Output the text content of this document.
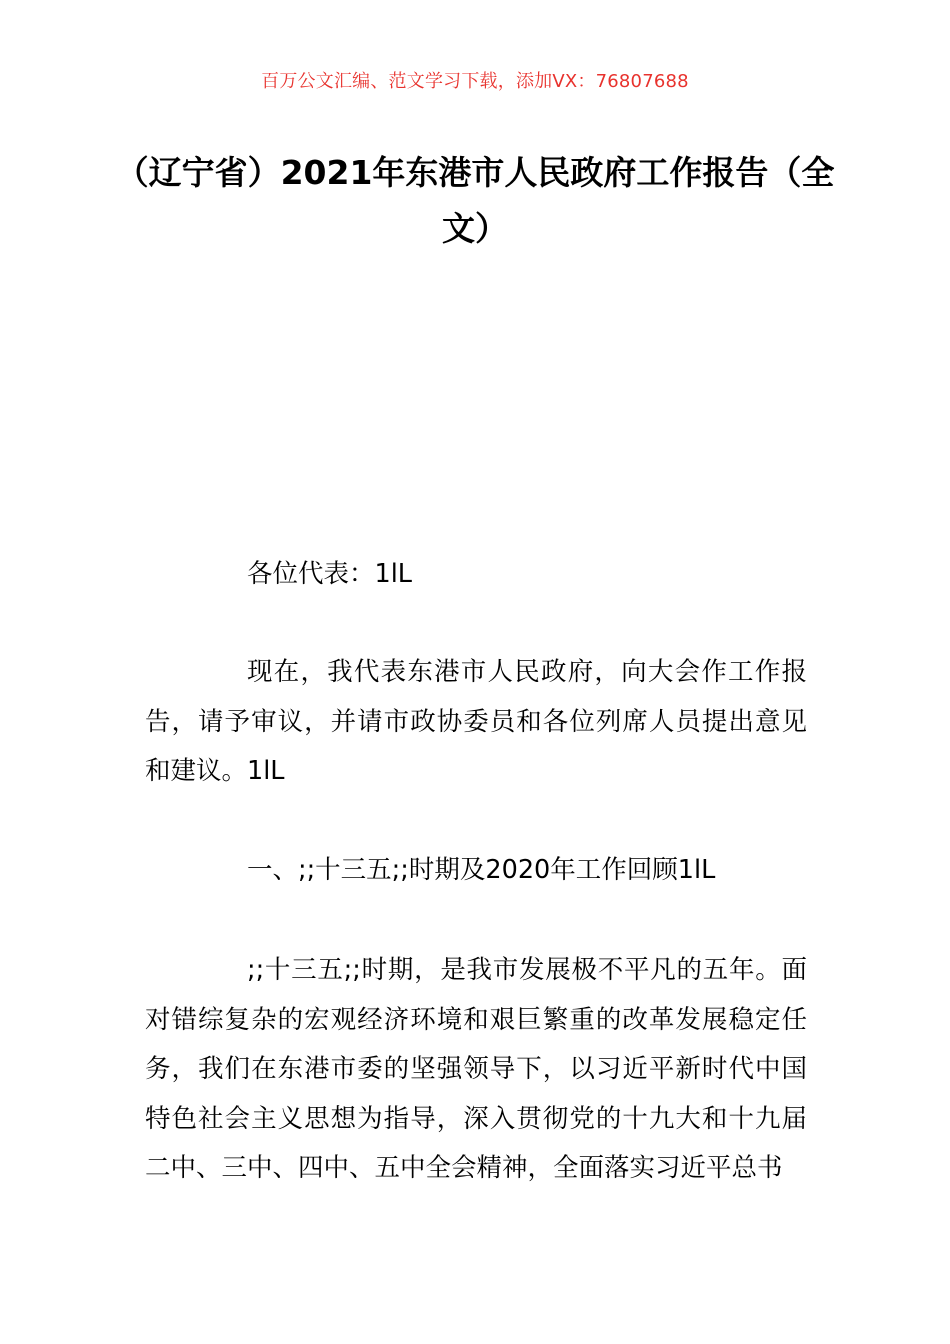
百万公文汇编、范文学习下载，添加VX：76807688
（辽宁省）2021年东港市人民政府工作报告（全文）

各位代表：1lL

现在，我代表东港市人民政府，向大会作工作报告，请予审议，并请市政协委员和各位列席人员提出意见和建议。1lL

一、;;十三五;;时期及2020年工作回顾1lL

;;十三五;;时期，是我市发展极不平凡的五年。面对错综复杂的宏观经济环境和艰巨繁重的改革发展稳定任务，我们在东港市委的坚强领导下，以习近平新时代中国特色社会主义思想为指导，深入贯彻党的十九大和十九届二中、三中、四中、五中全会精神，全面落实习近平总书
